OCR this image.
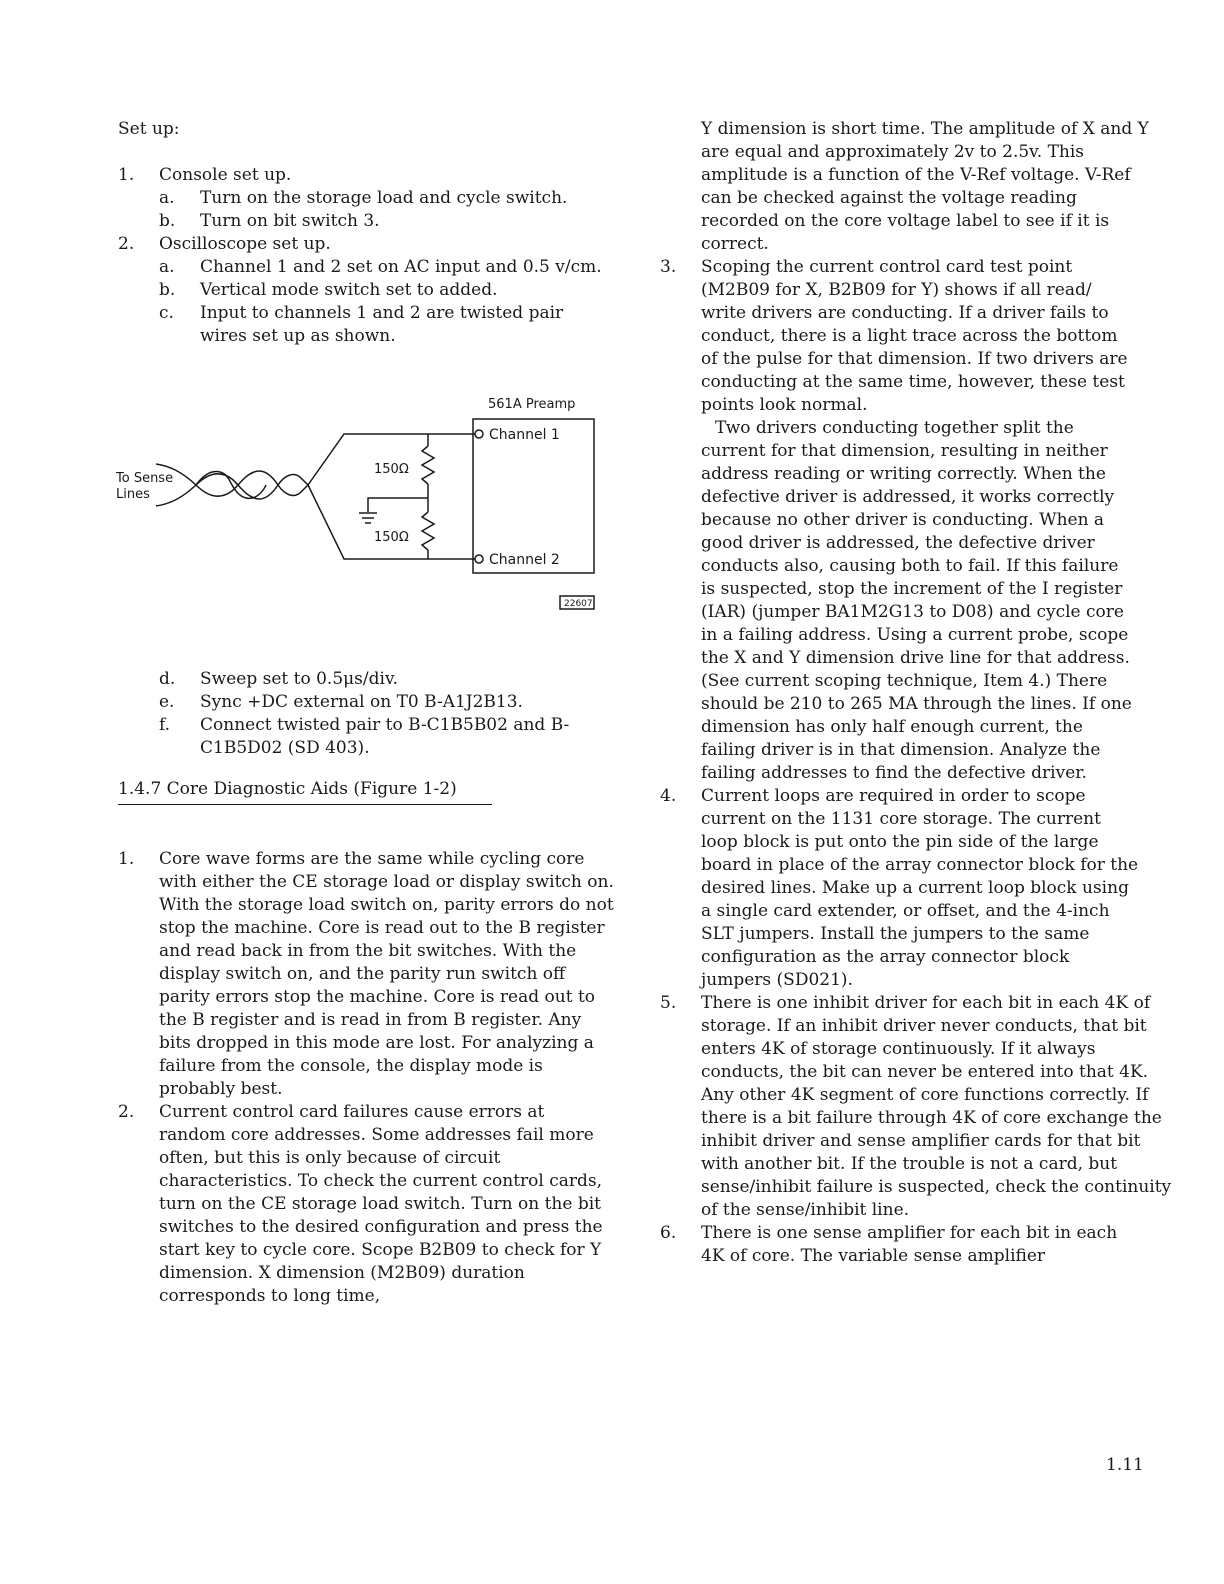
Set up:

1.	Console set up.
a.	Turn on the storage load and cycle switch.
b.	Turn on bit switch 3.
2.	Oscilloscope set up.
a.	Channel 1 and 2 set on AC input and 0.5 v/cm.
b.	Vertical mode switch set to added.
c.	Input to channels 1 and 2 are twisted pair wires set up as shown.
561A Preamp
Channel 1
Channel 2
150Ω
150Ω
To Sense
Lines
22607
d.	Sweep set to 0.5μs/div.
e.	Sync +DC external on T0 B-A1J2B13.
f.	Connect twisted pair to B-C1B5B02 and B-C1B5D02 (SD 403).
1.4.7 Core Diagnostic Aids (Figure 1-2)
1.	Core wave forms are the same while cycling core with either the CE storage load or display switch on. With the storage load switch on, parity errors do not stop the machine. Core is read out to the B register and read back in from the bit switches. With the display switch on, and the parity run switch off parity errors stop the machine. Core is read out to the B register and is read in from B register. Any bits dropped in this mode are lost. For analyzing a failure from the console, the display mode is probably best.
2.	Current control card failures cause errors at random core addresses. Some addresses fail more often, but this is only because of circuit characteristics. To check the current control cards, turn on the CE storage load switch. Turn on the bit switches to the desired configuration and press the start key to cycle core. Scope B2B09 to check for Y dimension. X dimension (M2B09) duration corresponds to long time,
Y dimension is short time. The amplitude of X and Y are equal and approximately 2v to 2.5v. This amplitude is a function of the V-Ref voltage. V-Ref can be checked against the voltage reading recorded on the core voltage label to see if it is correct.
3.	Scoping the current control card test point (M2B09 for X, B2B09 for Y) shows if all read/ write drivers are conducting. If a driver fails to conduct, there is a light trace across the bottom of the pulse for that dimension. If two drivers are conducting at the same time, however, these test points look normal.
Two drivers conducting together split the current for that dimension, resulting in neither address reading or writing correctly. When the defective driver is addressed, it works correctly because no other driver is conducting. When a good driver is addressed, the defective driver conducts also, causing both to fail. If this failure is suspected, stop the increment of the I register (IAR) (jumper BA1M2G13 to D08) and cycle core in a failing address. Using a current probe, scope the X and Y dimension drive line for that address. (See current scoping technique, Item 4.) There should be 210 to 265 MA through the lines. If one dimension has only half enough current, the failing driver is in that dimension. Analyze the failing addresses to find the defective driver.
4.	Current loops are required in order to scope current on the 1131 core storage. The current loop block is put onto the pin side of the large board in place of the array connector block for the desired lines. Make up a current loop block using a single card extender, or offset, and the 4-inch SLT jumpers. Install the jumpers to the same configuration as the array connector block jumpers (SD021).
5.	There is one inhibit driver for each bit in each 4K of storage. If an inhibit driver never conducts, that bit enters 4K of storage continuously. If it always conducts, the bit can never be entered into that 4K. Any other 4K segment of core functions correctly. If there is a bit failure through 4K of core exchange the inhibit driver and sense amplifier cards for that bit with another bit. If the trouble is not a card, but sense/inhibit failure is suspected, check the continuity of the sense/inhibit line.
6.	There is one sense amplifier for each bit in each 4K of core. The variable sense amplifier
1.11
